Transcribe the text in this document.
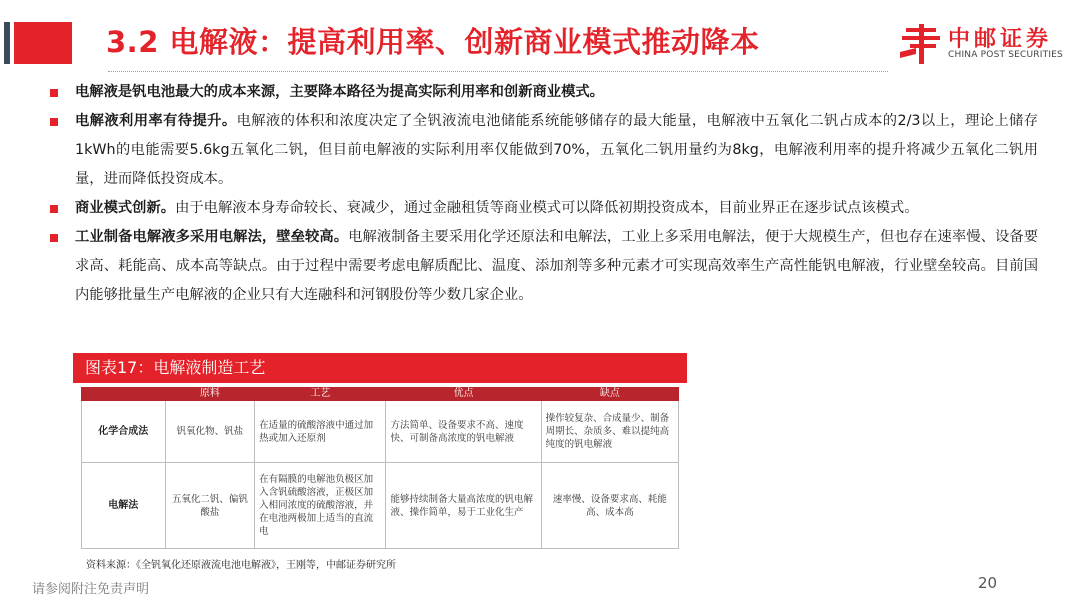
3.2 电解液：提高利用率、创新商业模式推动降本	中邮证券
CHINA POST SECURITIES

电解液是钒电池最大的成本来源，主要降本路径为提高实际利用率和创新商业模式。

电解液利用率有待提升。电解液的体积和浓度决定了全钒液流电池储能系统能够储存的最大能量，电解液中五氧化二钒占成本的2/3以上，理论上储存1kWh的电能需要5.6kg五氧化二钒，但目前电解液的实际利用率仅能做到70%，五氧化二钒用量约为8kg，电解液利用率的提升将减少五氧化二钒用量，进而降低投资成本。

商业模式创新。由于电解液本身寿命较长、衰减少，通过金融租赁等商业模式可以降低初期投资成本，目前业界正在逐步试点该模式。

工业制备电解液多采用电解法，壁垒较高。电解液制备主要采用化学还原法和电解法，工业上多采用电解法，便于大规模生产，但也存在速率慢、设备要求高、耗能高、成本高等缺点。由于过程中需要考虑电解质配比、温度、添加剂等多种元素才可实现高效率生产高性能钒电解液，行业壁垒较高。目前国内能够批量生产电解液的企业只有大连融科和河钢股份等少数几家企业。

图表17：电解液制造工艺
	原料	工艺	优点	缺点
化学合成法	钒氧化物、钒盐	在适量的硫酸溶液中通过加热或加入还原剂	方法简单、设备要求不高、速度快、可制备高浓度的钒电解液	操作较复杂、合成量少、制备周期长、杂质多、难以提纯高纯度的钒电解液
电解法	五氧化二钒、偏钒酸盐	在有隔膜的电解池负极区加入含钒硫酸溶液，正极区加入相同浓度的硫酸溶液，并在电池两极加上适当的直流电	能够持续制备大量高浓度的钒电解液、操作简单，易于工业化生产	速率慢、设备要求高、耗能高、成本高
资料来源：《全钒氧化还原液流电池电解液》，王刚等，中邮证券研究所
请参阅附注免责声明	20
